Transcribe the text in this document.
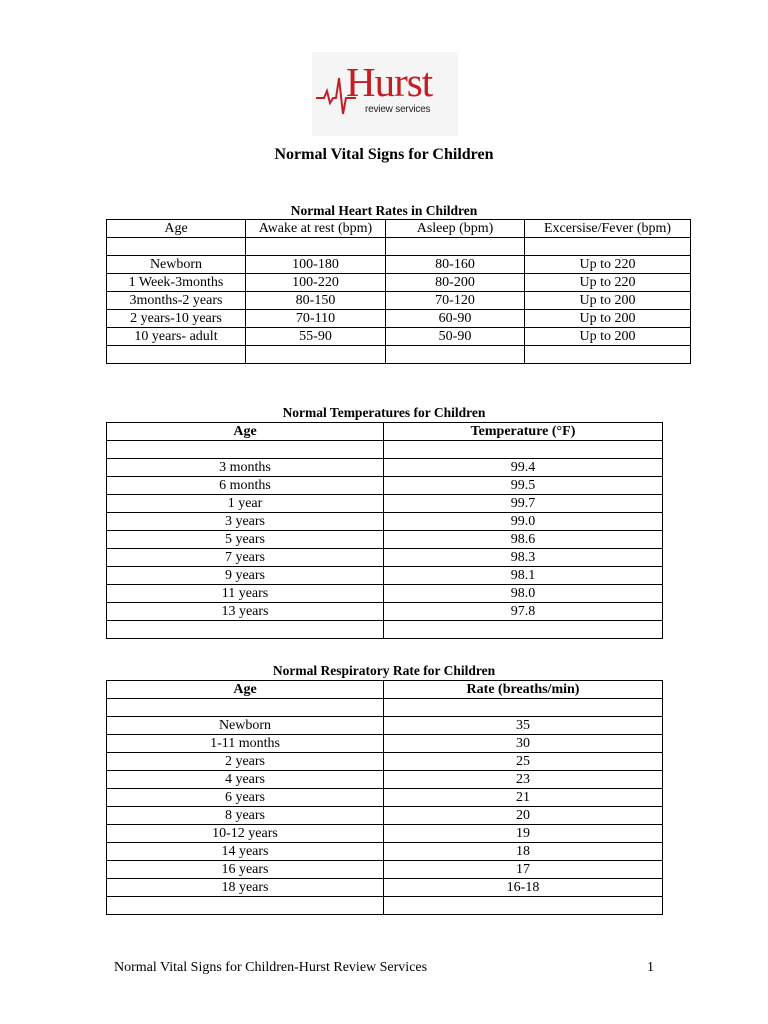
Hurst
review services
Normal Vital Signs for Children
Normal Heart Rates in Children
Age	Awake at rest (bpm)	Asleep (bpm)	Excersise/Fever (bpm)

Newborn	100-180	80-160	Up to 220
1 Week-3months	100-220	80-200	Up to 220
3months-2 years	80-150	70-120	Up to 200
2 years-10 years	70-110	60-90	Up to 200
10 years- adult	55-90	50-90	Up to 200

Normal Temperatures for Children
Age	Temperature (°F)

3 months	99.4
6 months	99.5
1 year	99.7
3 years	99.0
5 years	98.6
7 years	98.3
9 years	98.1
11 years	98.0
13 years	97.8

Normal Respiratory Rate for Children
Age	Rate (breaths/min)

Newborn	35
1-11 months	30
2 years	25
4 years	23
6 years	21
8 years	20
10-12 years	19
14 years	18
16 years	17
18 years	16-18

Normal Vital Signs for Children-Hurst Review Services	1
